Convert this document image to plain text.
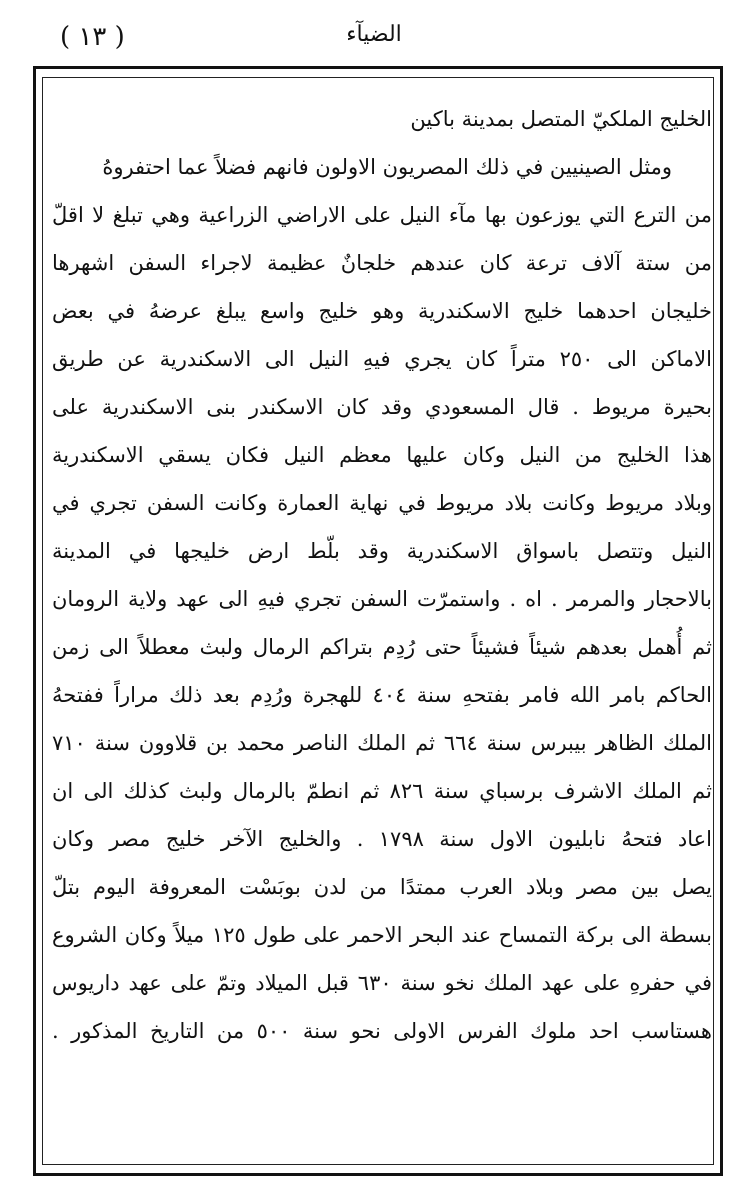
( ١٣ )	الضيآء
الخليج الملكيّ المتصل بمدينة باكين
ومثل الصينيين في ذلك المصريون الاولون فانهم فضلاً عما احتفروهُ
من الترع التي يوزعون بها مآء النيل على الاراضي الزراعية وهي تبلغ لا اقلّ
من ستة آلاف ترعة كان عندهم خلجانٌ عظيمة لاجراء السفن اشهرها
خليجان احدهما خليج الاسكندرية وهو خليج واسع يبلغ عرضهُ في بعض
الاماكن الى ٢٥٠ متراً كان يجري فيهِ النيل الى الاسكندرية عن طريق
بحيرة مريوط . قال المسعودي وقد كان الاسكندر بنى الاسكندرية على
هذا الخليج من النيل وكان عليها معظم النيل فكان يسقي الاسكندرية
وبلاد مريوط وكانت بلاد مريوط في نهاية العمارة وكانت السفن تجري في
النيل وتتصل باسواق الاسكندرية وقد بلّط ارض خليجها في المدينة
بالاحجار والمرمر . اه . واستمرّت السفن تجري فيهِ الى عهد ولاية الرومان
ثم أُهمل بعدهم شيئاً فشيئاً حتى رُدِم بتراكم الرمال ولبث معطلاً الى زمن
الحاكم بامر الله فامر بفتحهِ سنة ٤٠٤ للهجرة ورُدِم بعد ذلك مراراً ففتحهُ
الملك الظاهر بيبرس سنة ٦٦٤ ثم الملك الناصر محمد بن قلاوون سنة ٧١٠
ثم الملك الاشرف برسباي سنة ٨٢٦ ثم انطمّ بالرمال ولبث كذلك الى ان
اعاد فتحهُ نابليون الاول سنة ١٧٩٨ . والخليج الآخر خليج مصر وكان
يصل بين مصر وبلاد العرب ممتدًا من لدن بوبَسْت المعروفة اليوم بتلّ
بسطة الى بركة التمساح عند البحر الاحمر على طول ١٢٥ ميلاً وكان الشروع
في حفرهِ على عهد الملك نخو سنة ٦٣٠ قبل الميلاد وتمّ على عهد داريوس
هستاسب احد ملوك الفرس الاولى نحو سنة ٥٠٠ من التاريخ المذكور .
